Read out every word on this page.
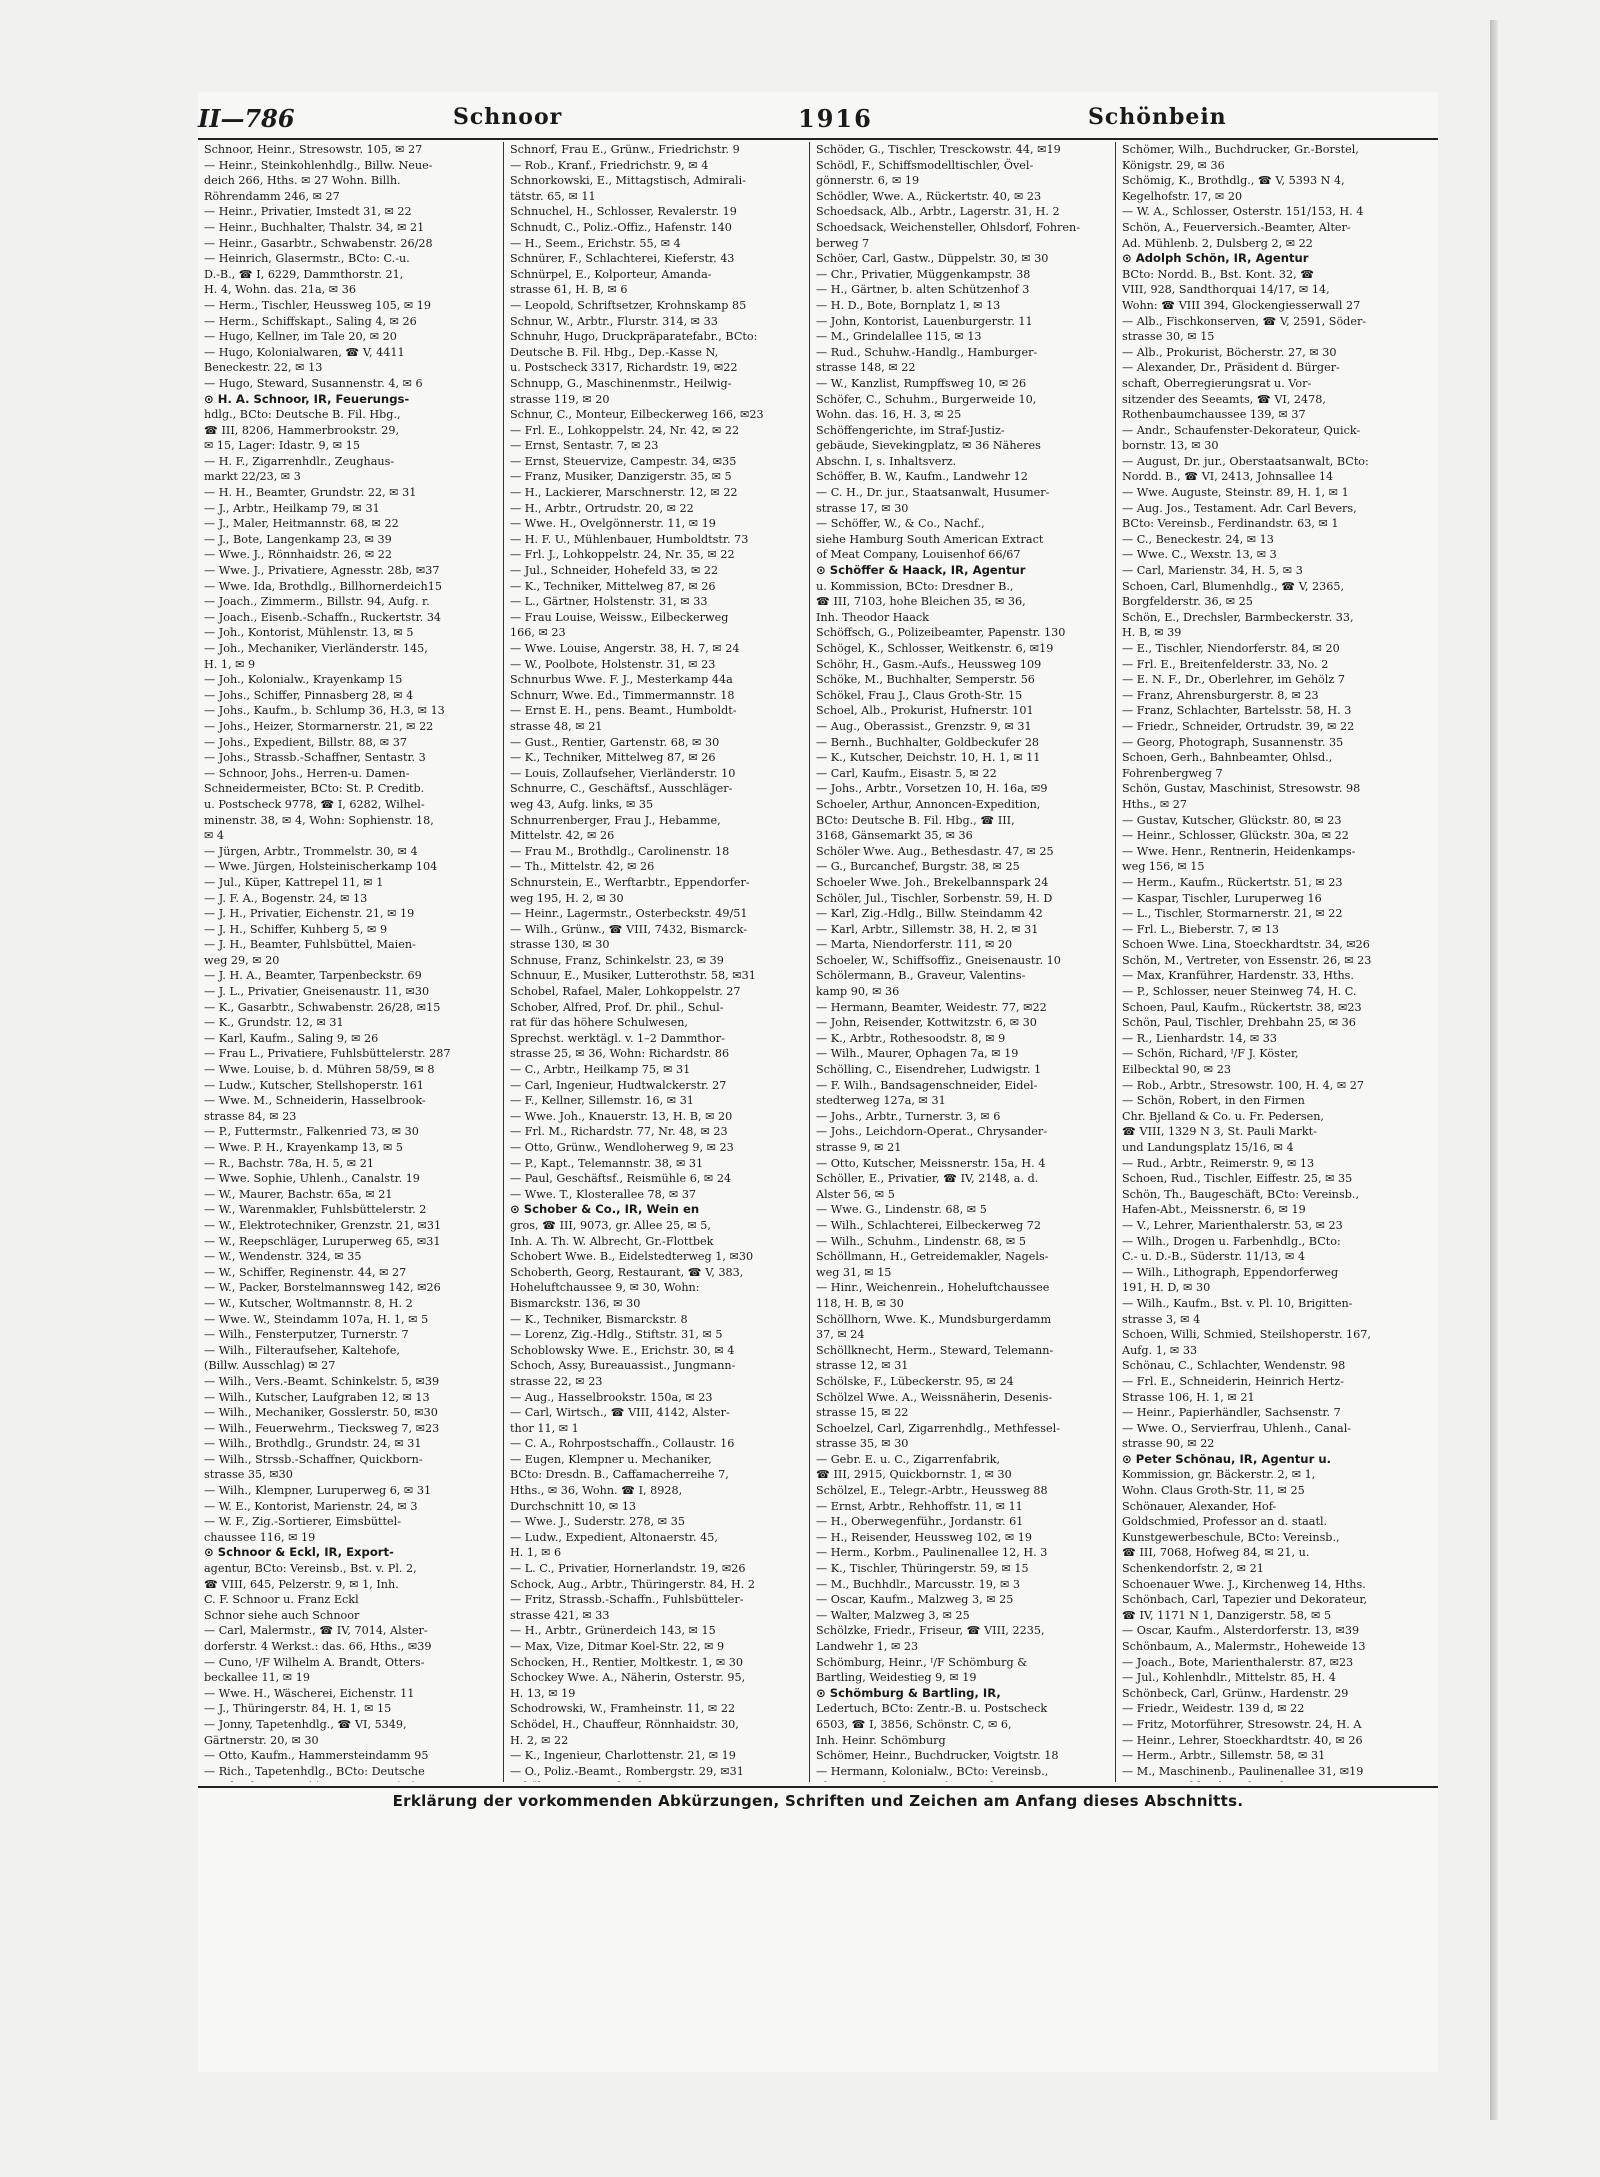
II—786	Schnoor	1916	Schönbein

Schnoor, Heinr., Stresowstr. 105, ✉ 27

— Heinr., Steinkohlenhdlg., Billw. Neue-

deich 266, Hths. ✉ 27 Wohn. Billh.

Röhrendamm 246, ✉ 27

— Heinr., Privatier, Imstedt 31, ✉ 22

— Heinr., Buchhalter, Thalstr. 34, ✉ 21

— Heinr., Gasarbtr., Schwabenstr. 26/28

— Heinrich, Glasermstr., BCto: C.-u.

D.-B., ☎ I, 6229, Dammthorstr. 21,

H. 4, Wohn. das. 21a, ✉ 36

— Herm., Tischler, Heussweg 105, ✉ 19

— Herm., Schiffskapt., Saling 4, ✉ 26

— Hugo, Kellner, im Tale 20, ✉ 20

— Hugo, Kolonialwaren, ☎ V, 4411

Beneckestr. 22, ✉ 13

— Hugo, Steward, Susannenstr. 4, ✉ 6

⊙ H. A. Schnoor, IR, Feuerungs-

hdlg., BCto: Deutsche B. Fil. Hbg.,

☎ III, 8206, Hammerbrookstr. 29,

✉ 15, Lager: Idastr. 9, ✉ 15

— H. F., Zigarrenhdlr., Zeughaus-

markt 22/23, ✉ 3

— H. H., Beamter, Grundstr. 22, ✉ 31

— J., Arbtr., Heilkamp 79, ✉ 31

— J., Maler, Heitmannstr. 68, ✉ 22

— J., Bote, Langenkamp 23, ✉ 39

— Wwe. J., Rönnhaidstr. 26, ✉ 22

— Wwe. J., Privatiere, Agnesstr. 28b, ✉37

— Wwe. Ida, Brothdlg., Billhornerdeich15

— Joach., Zimmerm., Billstr. 94, Aufg. r.

— Joach., Eisenb.-Schaffn., Ruckertstr. 34

— Joh., Kontorist, Mühlenstr. 13, ✉ 5

— Joh., Mechaniker, Vierländerstr. 145,

H. 1, ✉ 9

— Joh., Kolonialw., Krayenkamp 15

— Johs., Schiffer, Pinnasberg 28, ✉ 4

— Johs., Kaufm., b. Schlump 36, H.3, ✉ 13

— Johs., Heizer, Stormarnerstr. 21, ✉ 22

— Johs., Expedient, Billstr. 88, ✉ 37

— Johs., Strassb.-Schaffner, Sentastr. 3

— Schnoor, Johs., Herren-u. Damen-

Schneidermeister, BCto: St. P. Creditb.

u. Postscheck 9778, ☎ I, 6282, Wilhel-

minenstr. 38, ✉ 4, Wohn: Sophienstr. 18,

✉ 4

— Jürgen, Arbtr., Trommelstr. 30, ✉ 4

— Wwe. Jürgen, Holsteinischerkamp 104

— Jul., Küper, Kattrepel 11, ✉ 1

— J. F. A., Bogenstr. 24, ✉ 13

— J. H., Privatier, Eichenstr. 21, ✉ 19

— J. H., Schiffer, Kuhberg 5, ✉ 9

— J. H., Beamter, Fuhlsbüttel, Maien-

weg 29, ✉ 20

— J. H. A., Beamter, Tarpenbeckstr. 69

— J. L., Privatier, Gneisenaustr. 11, ✉30

— K., Gasarbtr., Schwabenstr. 26/28, ✉15

— K., Grundstr. 12, ✉ 31

— Karl, Kaufm., Saling 9, ✉ 26

— Frau L., Privatiere, Fuhlsbüttelerstr. 287

— Wwe. Louise, b. d. Mühren 58/59, ✉ 8

— Ludw., Kutscher, Stellshoperstr. 161

— Wwe. M., Schneiderin, Hasselbrook-

strasse 84, ✉ 23

— P., Futtermstr., Falkenried 73, ✉ 30

— Wwe. P. H., Krayenkamp 13, ✉ 5

— R., Bachstr. 78a, H. 5, ✉ 21

— Wwe. Sophie, Uhlenh., Canalstr. 19

— W., Maurer, Bachstr. 65a, ✉ 21

— W., Warenmakler, Fuhlsbüttelerstr. 2

— W., Elektrotechniker, Grenzstr. 21, ✉31

— W., Reepschläger, Luruperweg 65, ✉31

— W., Wendenstr. 324, ✉ 35

— W., Schiffer, Reginenstr. 44, ✉ 27

— W., Packer, Borstelmannsweg 142, ✉26

— W., Kutscher, Woltmannstr. 8, H. 2

— Wwe. W., Steindamm 107a, H. 1, ✉ 5

— Wilh., Fensterputzer, Turnerstr. 7

— Wilh., Filteraufseher, Kaltehofe,

(Billw. Ausschlag) ✉ 27

— Wilh., Vers.-Beamt. Schinkelstr. 5, ✉39

— Wilh., Kutscher, Laufgraben 12, ✉ 13

— Wilh., Mechaniker, Gosslerstr. 50, ✉30

— Wilh., Feuerwehrm., Tiecksweg 7, ✉23

— Wilh., Brothdlg., Grundstr. 24, ✉ 31

— Wilh., Strssb.-Schaffner, Quickborn-

strasse 35, ✉30

— Wilh., Klempner, Luruperweg 6, ✉ 31

— W. E., Kontorist, Marienstr. 24, ✉ 3

— W. F., Zig.-Sortierer, Eimsbüttel-

chaussee 116, ✉ 19

⊙ Schnoor & Eckl, IR, Export-

agentur, BCto: Vereinsb., Bst. v. Pl. 2,

☎ VIII, 645, Pelzerstr. 9, ✉ 1, Inh.

C. F. Schnoor u. Franz Eckl

Schnor siehe auch Schnoor

— Carl, Malermstr., ☎ IV, 7014, Alster-

dorferstr. 4 Werkst.: das. 66, Hths., ✉39

— Cuno, ᴵ/F Wilhelm A. Brandt, Otters-

beckallee 11, ✉ 19

— Wwe. H., Wäscherei, Eichenstr. 11

— J., Thüringerstr. 84, H. 1, ✉ 15

— Jonny, Tapetenhdlg., ☎ VI, 5349,

Gärtnerstr. 20, ✉ 30

— Otto, Kaufm., Hammersteindamm 95

— Rich., Tapetenhdlg., BCto: Deutsche

Schnorf, Frau E., Grünw., Friedrichstr. 9

— Rob., Kranf., Friedrichstr. 9, ✉ 4

Schnorkowski, E., Mittagstisch, Admirali-

tätstr. 65, ✉ 11

Schnuchel, H., Schlosser, Revalerstr. 19

Schnudt, C., Poliz.-Offiz., Hafenstr. 140

— H., Seem., Erichstr. 55, ✉ 4

Schnürer, F., Schlachterei, Kieferstr. 43

Schnürpel, E., Kolporteur, Amanda-

strasse 61, H. B, ✉ 6

— Leopold, Schriftsetzer, Krohnskamp 85

Schnur, W., Arbtr., Flurstr. 314, ✉ 33

Schnuhr, Hugo, Druckpräparatefabr., BCto:

Deutsche B. Fil. Hbg., Dep.-Kasse N,

u. Postscheck 3317, Richardstr. 19, ✉22

Schnupp, G., Maschinenmstr., Heilwig-

strasse 119, ✉ 20

Schnur, C., Monteur, Eilbeckerweg 166, ✉23

— Frl. E., Lohkoppelstr. 24, Nr. 42, ✉ 22

— Ernst, Sentastr. 7, ✉ 23

— Ernst, Steuervize, Campestr. 34, ✉35

— Franz, Musiker, Danzigerstr. 35, ✉ 5

— H., Lackierer, Marschnerstr. 12, ✉ 22

— H., Arbtr., Ortrudstr. 20, ✉ 22

— Wwe. H., Ovelgönnerstr. 11, ✉ 19

— H. F. U., Mühlenbauer, Humboldtstr. 73

— Frl. J., Lohkoppelstr. 24, Nr. 35, ✉ 22

— Jul., Schneider, Hohefeld 33, ✉ 22

— K., Techniker, Mittelweg 87, ✉ 26

— L., Gärtner, Holstenstr. 31, ✉ 33

— Frau Louise, Weissw., Eilbeckerweg

166, ✉ 23

— Wwe. Louise, Angerstr. 38, H. 7, ✉ 24

— W., Poolbote, Holstenstr. 31, ✉ 23

Schnurbus Wwe. F. J., Mesterkamp 44a

Schnurr, Wwe. Ed., Timmermannstr. 18

— Ernst E. H., pens. Beamt., Humboldt-

strasse 48, ✉ 21

— Gust., Rentier, Gartenstr. 68, ✉ 30

— K., Techniker, Mittelweg 87, ✉ 26

— Louis, Zollaufseher, Vierländerstr. 10

Schnurre, C., Geschäftsf., Ausschläger-

weg 43, Aufg. links, ✉ 35

Schnurrenberger, Frau J., Hebamme,

Mittelstr. 42, ✉ 26

— Frau M., Brothdlg., Carolinenstr. 18

— Th., Mittelstr. 42, ✉ 26

Schnurstein, E., Werftarbtr., Eppendorfer-

weg 195, H. 2, ✉ 30

— Heinr., Lagermstr., Osterbeckstr. 49/51

— Wilh., Grünw., ☎ VIII, 7432, Bismarck-

strasse 130, ✉ 30

Schnuse, Franz, Schinkelstr. 23, ✉ 39

Schnuur, E., Musiker, Lutterothstr. 58, ✉31

Schobel, Rafael, Maler, Lohkoppelstr. 27

Schober, Alfred, Prof. Dr. phil., Schul-

rat für das höhere Schulwesen,

Sprechst. werktägl. v. 1–2 Dammthor-

strasse 25, ✉ 36, Wohn: Richardstr. 86

— C., Arbtr., Heilkamp 75, ✉ 31

— Carl, Ingenieur, Hudtwalckerstr. 27

— F., Kellner, Sillemstr. 16, ✉ 31

— Wwe. Joh., Knauerstr. 13, H. B, ✉ 20

— Frl. M., Richardstr. 77, Nr. 48, ✉ 23

— Otto, Grünw., Wendloherweg 9, ✉ 23

— P., Kapt., Telemannstr. 38, ✉ 31

— Paul, Geschäftsf., Reismühle 6, ✉ 24

— Wwe. T., Klosterallee 78, ✉ 37

⊙ Schober & Co., IR, Wein en

gros, ☎ III, 9073, gr. Allee 25, ✉ 5,

Inh. A. Th. W. Albrecht, Gr.-Flottbek

Schobert Wwe. B., Eidelstedterweg 1, ✉30

Schoberth, Georg, Restaurant, ☎ V, 383,

Hoheluftchaussee 9, ✉ 30, Wohn:

Bismarckstr. 136, ✉ 30

— K., Techniker, Bismarckstr. 8

— Lorenz, Zig.-Hdlg., Stiftstr. 31, ✉ 5

Schoblowsky Wwe. E., Erichstr. 30, ✉ 4

Schoch, Assy, Bureauassist., Jungmann-

strasse 22, ✉ 23

— Aug., Hasselbrookstr. 150a, ✉ 23

— Carl, Wirtsch., ☎ VIII, 4142, Alster-

thor 11, ✉ 1

— C. A., Rohrpostschaffn., Collaustr. 16

— Eugen, Klempner u. Mechaniker,

BCto: Dresdn. B., Caffamacherreihe 7,

Hths., ✉ 36, Wohn. ☎ I, 8928,

Durchschnitt 10, ✉ 13

— Wwe. J., Suderstr. 278, ✉ 35

— Ludw., Expedient, Altonaerstr. 45,

H. 1, ✉ 6

— L. C., Privatier, Hornerlandstr. 19, ✉26

Schock, Aug., Arbtr., Thüringerstr. 84, H. 2

— Fritz, Strassb.-Schaffn., Fuhlsbütteler-

strasse 421, ✉ 33

— H., Arbtr., Grünerdeich 143, ✉ 15

— Max, Vize, Ditmar Koel-Str. 22, ✉ 9

Schocken, H., Rentier, Moltkestr. 1, ✉ 30

Schockey Wwe. A., Näherin, Osterstr. 95,

H. 13, ✉ 19

Schodrowski, W., Framheinstr. 11, ✉ 22

Schödel, H., Chauffeur, Rönnhaidstr. 30,

H. 2, ✉ 22

— K., Ingenieur, Charlottenstr. 21, ✉ 19

— O., Poliz.-Beamt., Rombergstr. 29, ✉31

Schöder, G., Tischler, Tresckowstr. 44, ✉19

Schödl, F., Schiffsmodelltischler, Övel-

gönnerstr. 6, ✉ 19

Schödler, Wwe. A., Rückertstr. 40, ✉ 23

Schoedsack, Alb., Arbtr., Lagerstr. 31, H. 2

Schoedsack, Weichensteller, Ohlsdorf, Fohren-

berweg 7

Schöer, Carl, Gastw., Düppelstr. 30, ✉ 30

— Chr., Privatier, Müggenkampstr. 38

— H., Gärtner, b. alten Schützenhof 3

— H. D., Bote, Bornplatz 1, ✉ 13

— John, Kontorist, Lauenburgerstr. 11

— M., Grindelallee 115, ✉ 13

— Rud., Schuhw.-Handlg., Hamburger-

strasse 148, ✉ 22

— W., Kanzlist, Rumpffsweg 10, ✉ 26

Schöfer, C., Schuhm., Burgerweide 10,

Wohn. das. 16, H. 3, ✉ 25

Schöffengerichte, im Straf-Justiz-

gebäude, Sievekingplatz, ✉ 36 Näheres

Abschn. I, s. Inhaltsverz.

Schöffer, B. W., Kaufm., Landwehr 12

— C. H., Dr. jur., Staatsanwalt, Husumer-

strasse 17, ✉ 30

— Schöffer, W., & Co., Nachf.,

siehe Hamburg South American Extract

of Meat Company, Louisenhof 66/67

⊙ Schöffer & Haack, IR, Agentur

u. Kommission, BCto: Dresdner B.,

☎ III, 7103, hohe Bleichen 35, ✉ 36,

Inh. Theodor Haack

Schöffsch, G., Polizeibeamter, Papenstr. 130

Schögel, K., Schlosser, Weitkenstr. 6, ✉19

Schöhr, H., Gasm.-Aufs., Heussweg 109

Schöke, M., Buchhalter, Semperstr. 56

Schökel, Frau J., Claus Groth-Str. 15

Schoel, Alb., Prokurist, Hufnerstr. 101

— Aug., Oberassist., Grenzstr. 9, ✉ 31

— Bernh., Buchhalter, Goldbeckufer 28

— K., Kutscher, Deichstr. 10, H. 1, ✉ 11

— Carl, Kaufm., Eisastr. 5, ✉ 22

— Johs., Arbtr., Vorsetzen 10, H. 16a, ✉9

Schoeler, Arthur, Annoncen-Expedition,

BCto: Deutsche B. Fil. Hbg., ☎ III,

3168, Gänsemarkt 35, ✉ 36

Schöler Wwe. Aug., Bethesdastr. 47, ✉ 25

— G., Burcanchef, Burgstr. 38, ✉ 25

Schoeler Wwe. Joh., Brekelbannspark 24

Schöler, Jul., Tischler, Sorbenstr. 59, H. D

— Karl, Zig.-Hdlg., Billw. Steindamm 42

— Karl, Arbtr., Sillemstr. 38, H. 2, ✉ 31

— Marta, Niendorferstr. 111, ✉ 20

Schoeler, W., Schiffsoffiz., Gneisenaustr. 10

Schölermann, B., Graveur, Valentins-

kamp 90, ✉ 36

— Hermann, Beamter, Weidestr. 77, ✉22

— John, Reisender, Kottwitzstr. 6, ✉ 30

— K., Arbtr., Rothesoodstr. 8, ✉ 9

— Wilh., Maurer, Ophagen 7a, ✉ 19

Schölling, C., Eisendreher, Ludwigstr. 1

— F. Wilh., Bandsagenschneider, Eidel-

stedterweg 127a, ✉ 31

— Johs., Arbtr., Turnerstr. 3, ✉ 6

— Johs., Leichdorn-Operat., Chrysander-

strasse 9, ✉ 21

— Otto, Kutscher, Meissnerstr. 15a, H. 4

Schöller, E., Privatier, ☎ IV, 2148, a. d.

Alster 56, ✉ 5

— Wwe. G., Lindenstr. 68, ✉ 5

— Wilh., Schlachterei, Eilbeckerweg 72

— Wilh., Schuhm., Lindenstr. 68, ✉ 5

Schöllmann, H., Getreidemakler, Nagels-

weg 31, ✉ 15

— Hinr., Weichenrein., Hoheluftchaussee

118, H. B, ✉ 30

Schöllhorn, Wwe. K., Mundsburgerdamm

37, ✉ 24

Schöllknecht, Herm., Steward, Telemann-

strasse 12, ✉ 31

Schölske, F., Lübeckerstr. 95, ✉ 24

Schölzel Wwe. A., Weissnäherin, Desenis-

strasse 15, ✉ 22

Schoelzel, Carl, Zigarrenhdlg., Methfessel-

strasse 35, ✉ 30

— Gebr. E. u. C., Zigarrenfabrik,

☎ III, 2915, Quickbornstr. 1, ✉ 30

Schölzel, E., Telegr.-Arbtr., Heussweg 88

— Ernst, Arbtr., Rehhoffstr. 11, ✉ 11

— H., Oberwegenführ., Jordanstr. 61

— H., Reisender, Heussweg 102, ✉ 19

— Herm., Korbm., Paulinenallee 12, H. 3

— K., Tischler, Thüringerstr. 59, ✉ 15

— M., Buchhdlr., Marcusstr. 19, ✉ 3

— Oscar, Kaufm., Malzweg 3, ✉ 25

— Walter, Malzweg 3, ✉ 25

Schölzke, Friedr., Friseur, ☎ VIII, 2235,

Landwehr 1, ✉ 23

Schömburg, Heinr., ᴵ/F Schömburg &

Bartling, Weidestieg 9, ✉ 19

⊙ Schömburg & Bartling, IR,

Ledertuch, BCto: Zentr.-B. u. Postscheck

6503, ☎ I, 3856, Schönstr. C, ✉ 6,

Inh. Heinr. Schömburg

Schömer, Heinr., Buchdrucker, Voigtstr. 18

— Hermann, Kolonialw., BCto: Vereinsb.,

Schömer, Wilh., Buchdrucker, Gr.-Borstel,

Königstr. 29, ✉ 36

Schömig, K., Brothdlg., ☎ V, 5393 N 4,

Kegelhofstr. 17, ✉ 20

— W. A., Schlosser, Osterstr. 151/153, H. 4

Schön, A., Feuerversich.-Beamter, Alter-

Ad. Mühlenb. 2, Dulsberg 2, ✉ 22

⊙ Adolph Schön, IR, Agentur

BCto: Nordd. B., Bst. Kont. 32, ☎

VIII, 928, Sandthorquai 14/17, ✉ 14,

Wohn: ☎ VIII 394, Glockengiesserwall 27

— Alb., Fischkonserven, ☎ V, 2591, Söder-

strasse 30, ✉ 15

— Alb., Prokurist, Böcherstr. 27, ✉ 30

— Alexander, Dr., Präsident d. Bürger-

schaft, Oberregierungsrat u. Vor-

sitzender des Seeamts, ☎ VI, 2478,

Rothenbaumchaussee 139, ✉ 37

— Andr., Schaufenster-Dekorateur, Quick-

bornstr. 13, ✉ 30

— August, Dr. jur., Oberstaatsanwalt, BCto:

Nordd. B., ☎ VI, 2413, Johnsallee 14

— Wwe. Auguste, Steinstr. 89, H. 1, ✉ 1

— Aug. Jos., Testament. Adr. Carl Bevers,

BCto: Vereinsb., Ferdinandstr. 63, ✉ 1

— C., Beneckestr. 24, ✉ 13

— Wwe. C., Wexstr. 13, ✉ 3

— Carl, Marienstr. 34, H. 5, ✉ 3

Schoen, Carl, Blumenhdlg., ☎ V, 2365,

Borgfelderstr. 36, ✉ 25

Schön, E., Drechsler, Barmbeckerstr. 33,

H. B, ✉ 39

— E., Tischler, Niendorferstr. 84, ✉ 20

— Frl. E., Breitenfelderstr. 33, No. 2

— E. N. F., Dr., Oberlehrer, im Gehölz 7

— Franz, Ahrensburgerstr. 8, ✉ 23

— Franz, Schlachter, Bartelsstr. 58, H. 3

— Friedr., Schneider, Ortrudstr. 39, ✉ 22

— Georg, Photograph, Susannenstr. 35

Schoen, Gerh., Bahnbeamter, Ohlsd.,

Fohrenbergweg 7

Schön, Gustav, Maschinist, Stresowstr. 98

Hths., ✉ 27

— Gustav, Kutscher, Glückstr. 80, ✉ 23

— Heinr., Schlosser, Glückstr. 30a, ✉ 22

— Wwe. Henr., Rentnerin, Heidenkamps-

weg 156, ✉ 15

— Herm., Kaufm., Rückertstr. 51, ✉ 23

— Kaspar, Tischler, Luruperweg 16

— L., Tischler, Stormarnerstr. 21, ✉ 22

— Frl. L., Bieberstr. 7, ✉ 13

Schoen Wwe. Lina, Stoeckhardtstr. 34, ✉26

Schön, M., Vertreter, von Essenstr. 26, ✉ 23

— Max, Kranführer, Hardenstr. 33, Hths.

— P., Schlosser, neuer Steinweg 74, H. C.

Schoen, Paul, Kaufm., Rückertstr. 38, ✉23

Schön, Paul, Tischler, Drehbahn 25, ✉ 36

— R., Lienhardstr. 14, ✉ 33

— Schön, Richard, ᴵ/F J. Köster,

Eilbecktal 90, ✉ 23

— Rob., Arbtr., Stresowstr. 100, H. 4, ✉ 27

— Schön, Robert, in den Firmen

Chr. Bjelland & Co. u. Fr. Pedersen,

☎ VIII, 1329 N 3, St. Pauli Markt-

und Landungsplatz 15/16, ✉ 4

— Rud., Arbtr., Reimerstr. 9, ✉ 13

Schoen, Rud., Tischler, Eiffestr. 25, ✉ 35

Schön, Th., Baugeschäft, BCto: Vereinsb.,

Hafen-Abt., Meissnerstr. 6, ✉ 19

— V., Lehrer, Marienthalerstr. 53, ✉ 23

— Wilh., Drogen u. Farbenhdlg., BCto:

C.- u. D.-B., Süderstr. 11/13, ✉ 4

— Wilh., Lithograph, Eppendorferweg

191, H. D, ✉ 30

— Wilh., Kaufm., Bst. v. Pl. 10, Brigitten-

strasse 3, ✉ 4

Schoen, Willi, Schmied, Steilshoperstr. 167,

Aufg. 1, ✉ 33

Schönau, C., Schlachter, Wendenstr. 98

— Frl. E., Schneiderin, Heinrich Hertz-

Strasse 106, H. 1, ✉ 21

— Heinr., Papierhändler, Sachsenstr. 7

— Wwe. O., Servierfrau, Uhlenh., Canal-

strasse 90, ✉ 22

⊙ Peter Schönau, IR, Agentur u.

Kommission, gr. Bäckerstr. 2, ✉ 1,

Wohn. Claus Groth-Str. 11, ✉ 25

Schönauer, Alexander, Hof-

Goldschmied, Professor an d. staatl.

Kunstgewerbeschule, BCto: Vereinsb.,

☎ III, 7068, Hofweg 84, ✉ 21, u.

Schenkendorfstr. 2, ✉ 21

Schoenauer Wwe. J., Kirchenweg 14, Hths.

Schönbach, Carl, Tapezier und Dekorateur,

☎ IV, 1171 N 1, Danzigerstr. 58, ✉ 5

— Oscar, Kaufm., Alsterdorferstr. 13, ✉39

Schönbaum, A., Malermstr., Hoheweide 13

— Joach., Bote, Marienthalerstr. 87, ✉23

— Jul., Kohlenhdlr., Mittelstr. 85, H. 4

Schönbeck, Carl, Grünw., Hardenstr. 29

— Friedr., Weidestr. 139 d, ✉ 22

— Fritz, Motorführer, Stresowstr. 24, H. A

— Heinr., Lehrer, Stoeckhardtstr. 40, ✉ 26

— Herm., Arbtr., Sillemstr. 58, ✉ 31

— M., Maschinenb., Paulinenallee 31, ✉19

Erklärung der vorkommenden Abkürzungen, Schriften und Zeichen am Anfang dieses Abschnitts.
